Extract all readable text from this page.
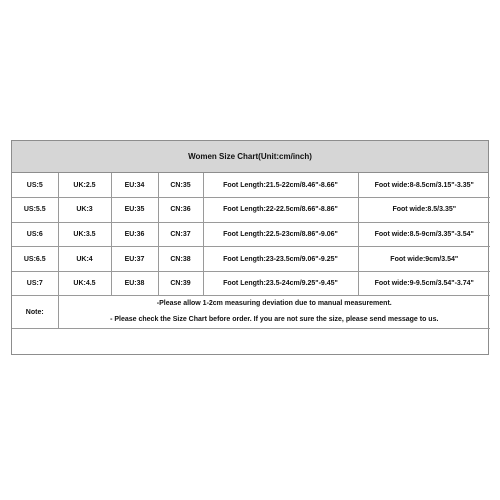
Women Size Chart(Unit:cm/inch)
US:5	UK:2.5	EU:34	CN:35	Foot Length:21.5-22cm/8.46"-8.66"	Foot wide:8-8.5cm/3.15"-3.35"
US:5.5	UK:3	EU:35	CN:36	Foot Length:22-22.5cm/8.66"-8.86"	Foot wide:8.5/3.35"
US:6	UK:3.5	EU:36	CN:37	Foot Length:22.5-23cm/8.86"-9.06"	Foot wide:8.5-9cm/3.35"-3.54"
US:6.5	UK:4	EU:37	CN:38	Foot Length:23-23.5cm/9.06"-9.25"	Foot wide:9cm/3.54"
US:7	UK:4.5	EU:38	CN:39	Foot Length:23.5-24cm/9.25"-9.45"	Foot wide:9-9.5cm/3.54"-3.74"
Note:	-Please allow 1-2cm measuring deviation due to manual measurement.
- Please check the Size Chart before order. If you are not sure the size, please send message to us.				
